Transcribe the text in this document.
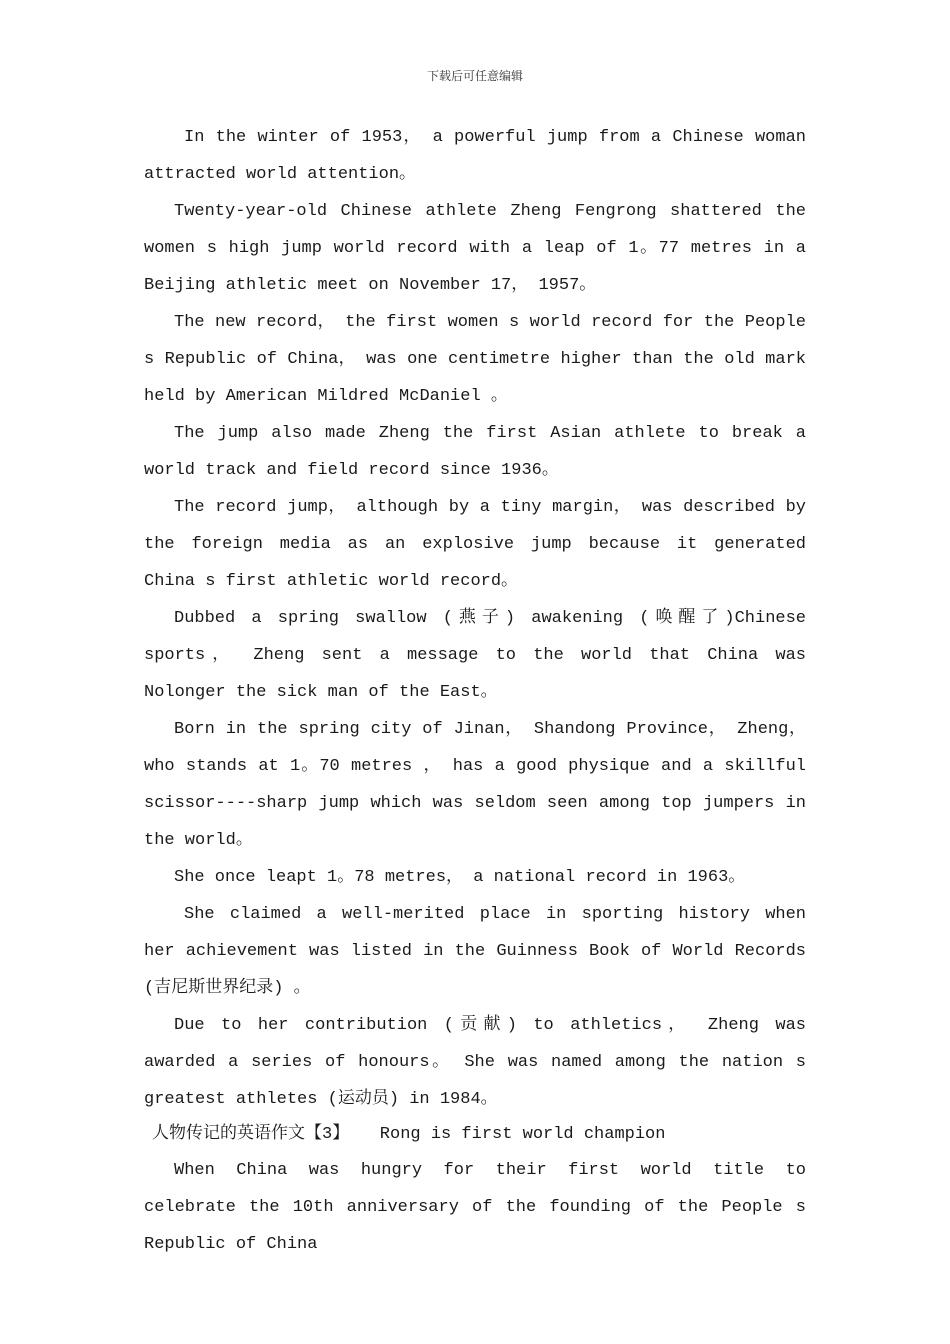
下载后可任意编辑

In the winter of 1953， a powerful jump from a Chinese woman attracted world attention。

Twenty-year-old Chinese athlete Zheng Fengrong shattered the women s high jump world record with a leap of 1。77 metres in a Beijing athletic meet on November 17， 1957。

The new record， the first women s world record for the People s Republic of China， was one centimetre higher than the old mark held by American Mildred McDaniel 。

The jump also made Zheng the first Asian athlete to break a world track and field record since 1936。

The record jump， although by a tiny margin， was described by the foreign media as an explosive jump because it generated China s first athletic world record。

Dubbed a spring swallow (燕子) awakening (唤醒了)Chinese sports， Zheng sent a message to the world that China was Nolonger the sick man of the East。

Born in the spring city of Jinan， Shandong Province， Zheng， who stands at 1。70 metres ， has a good physique and a skillful scissor----sharp jump which was seldom seen among top jumpers in the world。

She once leapt 1。78 metres， a national record in 1963。

She claimed a well-merited place in sporting history when her achievement was listed in the Guinness Book of World Records (吉尼斯世界纪录) 。

Due to her contribution (贡献) to athletics， Zheng was awarded a series of honours。 She was named among the nation s greatest athletes (运动员) in 1984。

人物传记的英语作文【3】   Rong is first world champion

When China was hungry for their first world title to celebrate the 10th anniversary of the founding of the People s Republic of China
